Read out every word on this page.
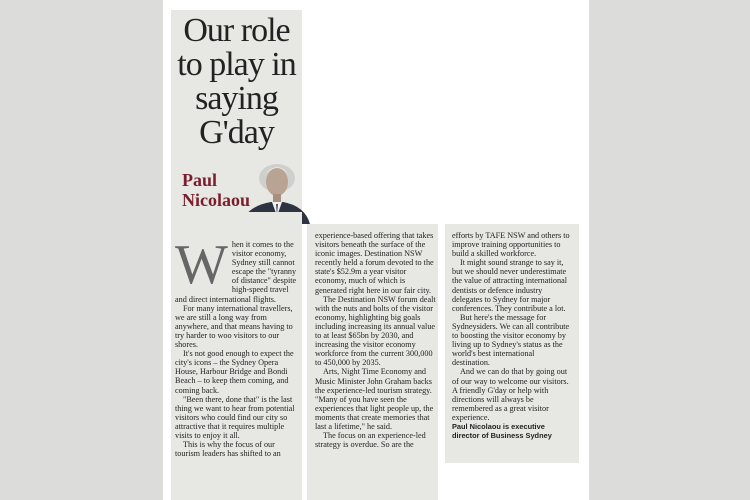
Our role to play in saying G'day
Paul
Nicolaou
W hen it comes to the visitor economy, Sydney still cannot escape the "tyranny of distance" despite high-speed travel and direct international flights.

For many international travellers, we are still a long way from anywhere, and that means having to try harder to woo visitors to our shores.

It's not good enough to expect the city's icons – the Sydney Opera House, Harbour Bridge and Bondi Beach – to keep them coming, and coming back.

"Been there, done that" is the last thing we want to hear from potential visitors who could find our city so attractive that it requires multiple visits to enjoy it all.

This is why the focus of our tourism leaders has shifted to an

experience-based offering that takes visitors beneath the surface of the iconic images. Destination NSW recently held a forum devoted to the state's $52.9m a year visitor economy, much of which is generated right here in our fair city.

The Destination NSW forum dealt with the nuts and bolts of the visitor economy, highlighting big goals including increasing its annual value to at least $65bn by 2030, and increasing the visitor economy workforce from the current 300,000 to 450,000 by 2035.

Arts, Night Time Economy and Music Minister John Graham backs the experience-led tourism strategy. "Many of you have seen the experiences that light people up, the moments that create memories that last a lifetime," he said.

The focus on an experience-led strategy is overdue. So are the

efforts by TAFE NSW and others to improve training opportunities to build a skilled workforce.

It might sound strange to say it, but we should never underestimate the value of attracting international dentists or defence industry delegates to Sydney for major conferences. They contribute a lot.

But here's the message for Sydneysiders. We can all contribute to boosting the visitor economy by living up to Sydney's status as the world's best international destination.

And we can do that by going out of our way to welcome our visitors. A friendly G'day or help with directions will always be remembered as a great visitor experience.

Paul Nicolaou is executive director of Business Sydney
